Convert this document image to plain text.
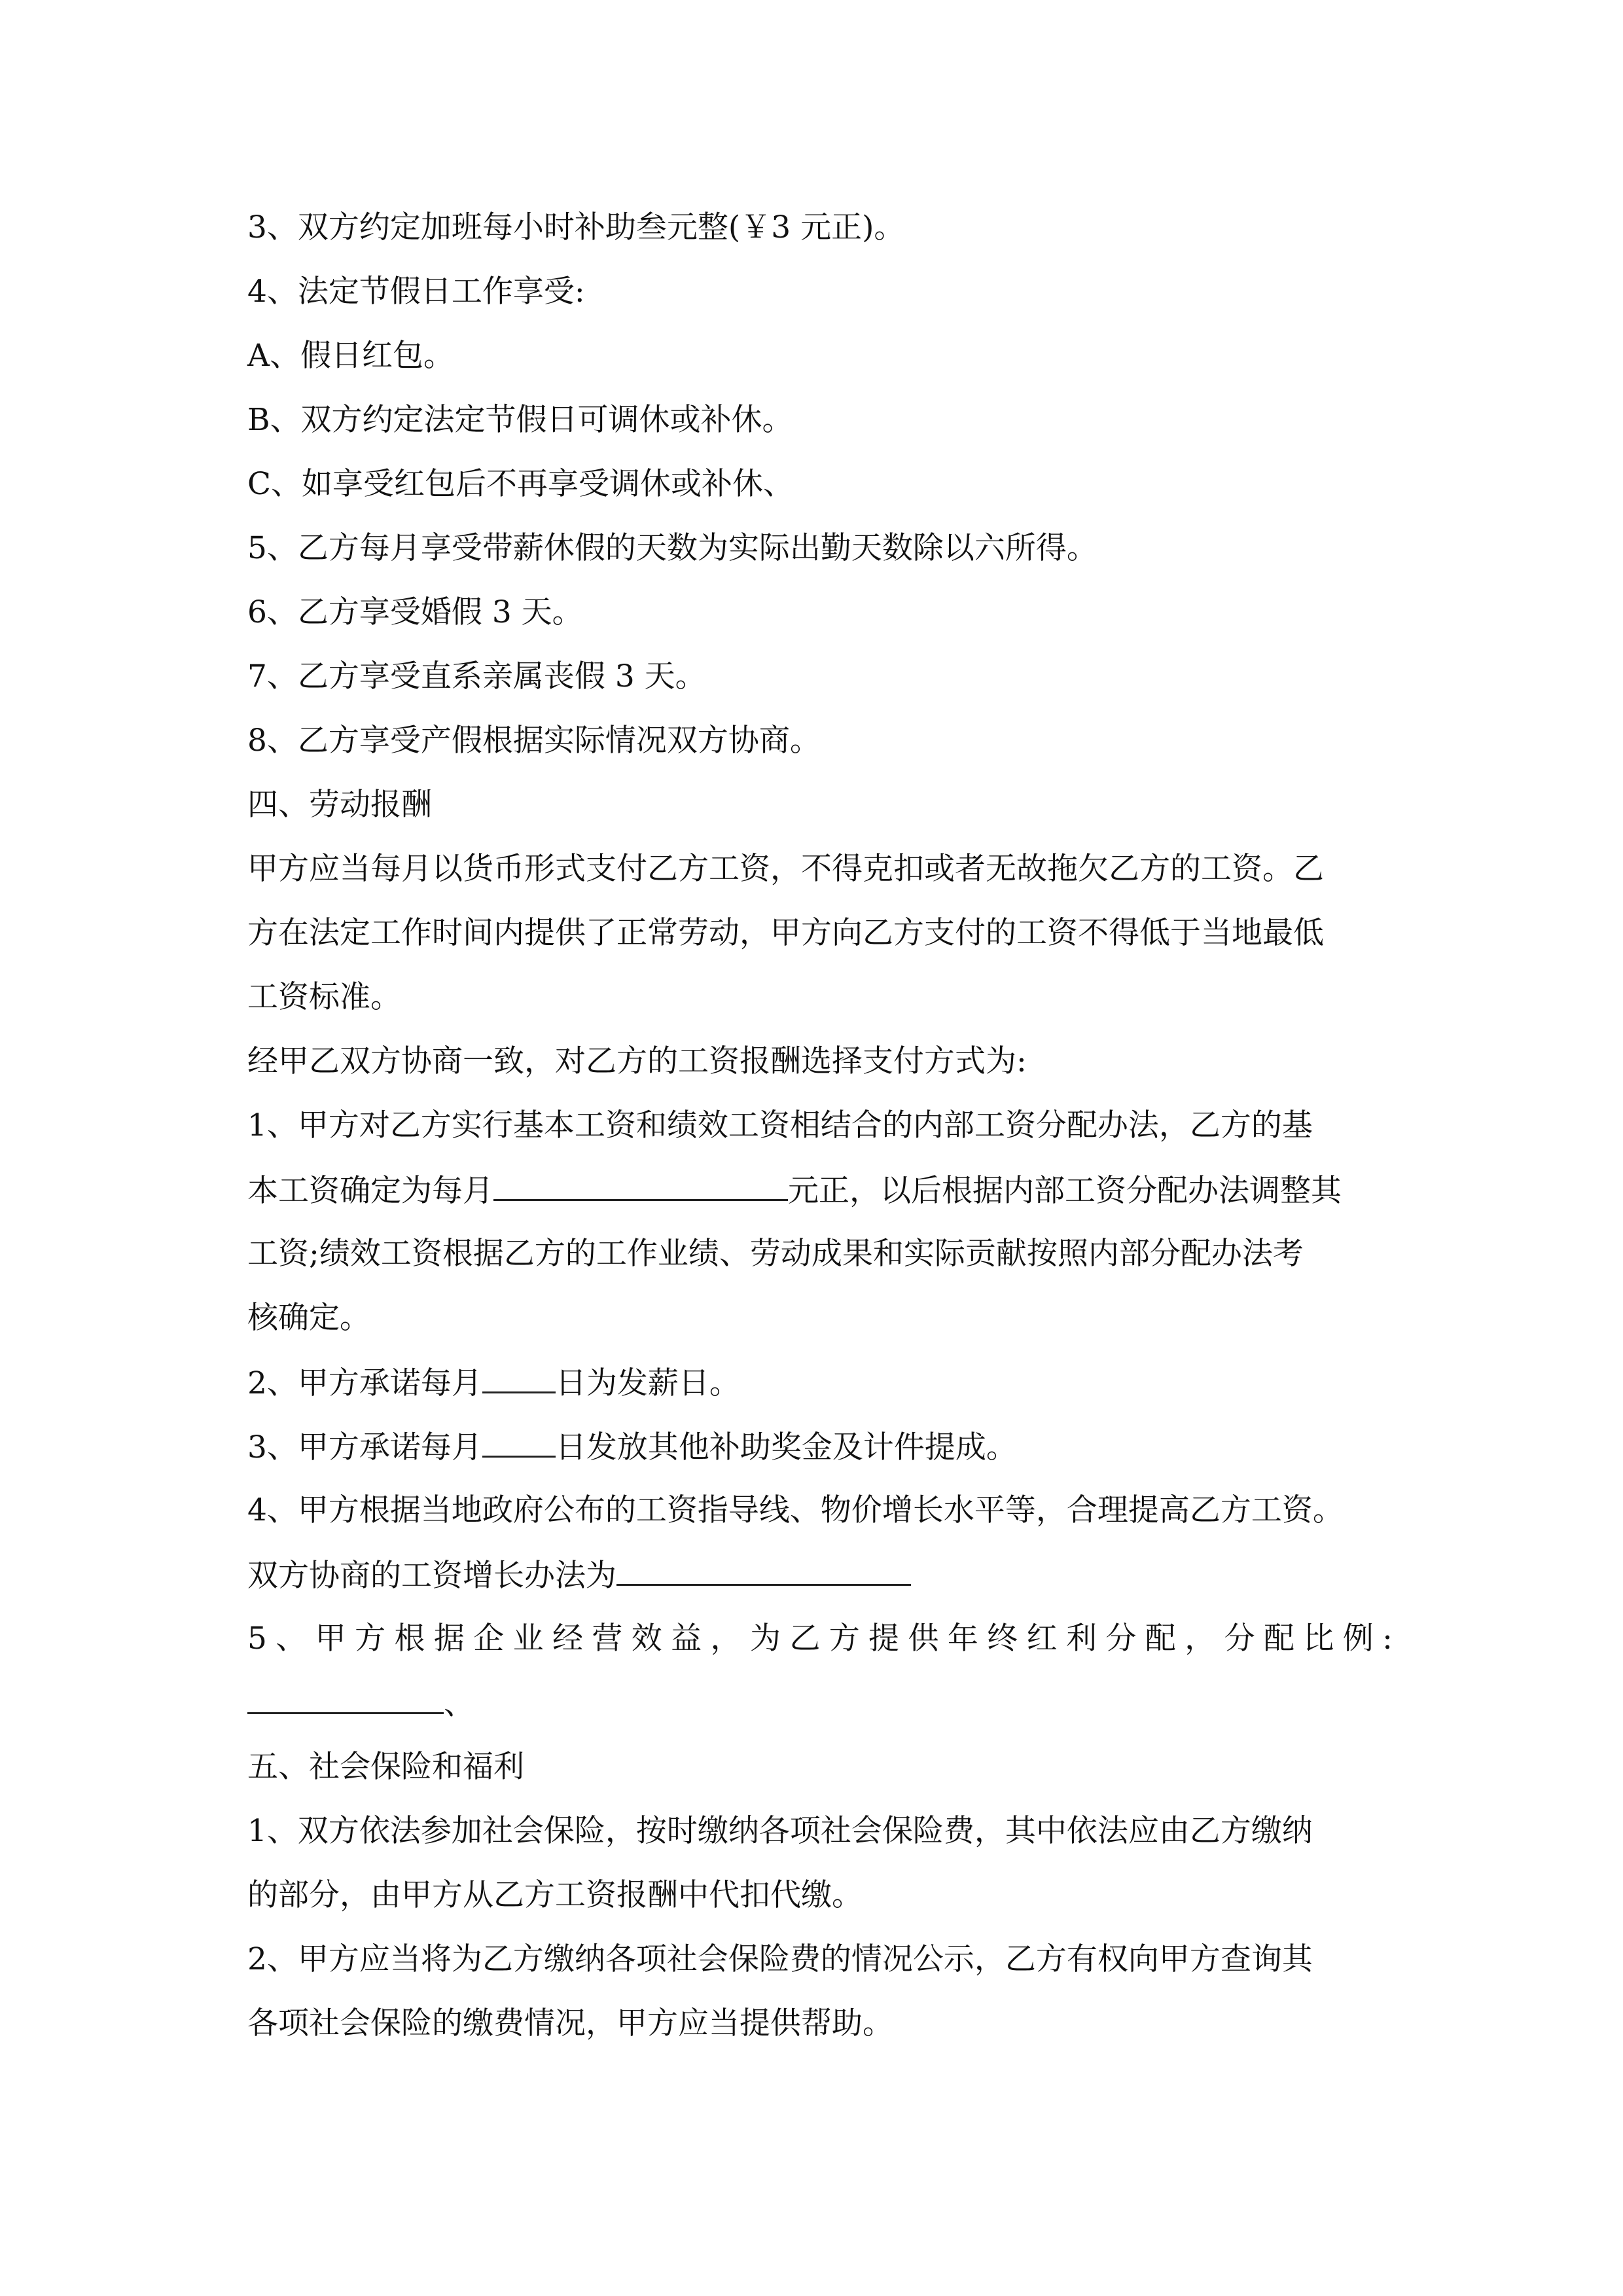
3、双方约定加班每小时补助叁元整(￥3 元正)。
4、法定节假日工作享受:
A、假日红包。
B、双方约定法定节假日可调休或补休。
C、如享受红包后不再享受调休或补休、
5、乙方每月享受带薪休假的天数为实际出勤天数除以六所得。
6、乙方享受婚假 3 天。
7、乙方享受直系亲属丧假 3 天。
8、乙方享受产假根据实际情况双方协商。
四、劳动报酬
甲方应当每月以货币形式支付乙方工资，不得克扣或者无故拖欠乙方的工资。乙
方在法定工作时间内提供了正常劳动，甲方向乙方支付的工资不得低于当地最低
工资标准。
经甲乙双方协商一致，对乙方的工资报酬选择支付方式为:
1、甲方对乙方实行基本工资和绩效工资相结合的内部工资分配办法，乙方的基
本工资确定为每月	元正，以后根据内部工资分配办法调整其
工资;绩效工资根据乙方的工作业绩、劳动成果和实际贡献按照内部分配办法考
核确定。
2、甲方承诺每月 日为发薪日。
3、甲方承诺每月 日发放其他补助奖金及计件提成。
4、甲方根据当地政府公布的工资指导线、物价增长水平等，合理提高乙方工资。
双方协商的工资增长办法为
5、甲方根据企业经营效益，为乙方提供年终红利分配，分配比例:
、
五、社会保险和福利
1、双方依法参加社会保险，按时缴纳各项社会保险费，其中依法应由乙方缴纳
的部分，由甲方从乙方工资报酬中代扣代缴。
2、甲方应当将为乙方缴纳各项社会保险费的情况公示，乙方有权向甲方查询其
各项社会保险的缴费情况，甲方应当提供帮助。
